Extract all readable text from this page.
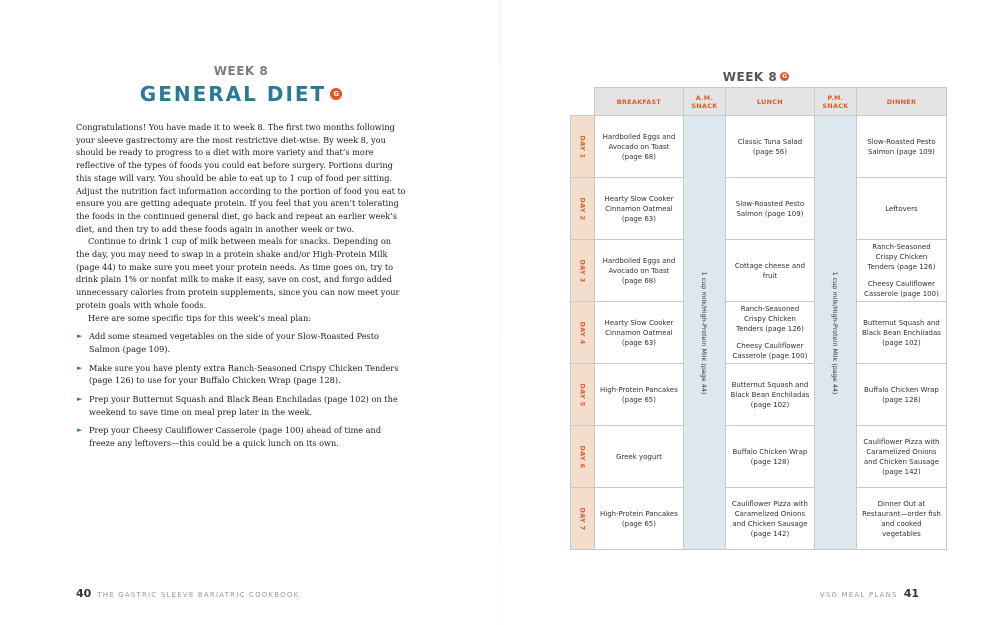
WEEK 8
GENERAL DIET G

Congratulations! You have made it to week 8. The first two months following your sleeve gastrectomy are the most restrictive diet-wise. By week 8, you should be ready to progress to a diet with more variety and that’s more reflective of the types of foods you could eat before surgery. Portions during this stage will vary. You should be able to eat up to 1 cup of food per sitting. Adjust the nutrition fact information according to the portion of food you eat to ensure you are getting adequate protein. If you feel that you aren’t tolerating the foods in the continued general diet, go back and repeat an earlier week’s diet, and then try to add these foods again in another week or two.

Continue to drink 1 cup of milk between meals for snacks. Depending on the day, you may need to swap in a protein shake and/or High-Protein Milk (page 44) to make sure you meet your protein needs. As time goes on, try to drink plain 1% or nonfat milk to make it easy, save on cost, and forgo added unnecessary calories from protein supplements, since you can now meet your protein goals with whole foods.

Here are some specific tips for this week’s meal plan:

► Add some steamed vegetables on the side of your Slow-Roasted Pesto Salmon (page 109).
► Make sure you have plenty extra Ranch-Seasoned Crispy Chicken Tenders (page 126) to use for your Buffalo Chicken Wrap (page 128).
► Prep your Butternut Squash and Black Bean Enchiladas (page 102) on the weekend to save time on meal prep later in the week.
► Prep your Cheesy Cauliflower Casserole (page 100) ahead of time and freeze any leftovers—this could be a quick lunch on its own.
40 THE GASTRIC SLEEVE BARIATRIC COOKBOOK
WEEK 8 G
	BREAKFAST	A.M. SNACK	LUNCH	P.M. SNACK	DINNER
DAY 1	Hardboiled Eggs and Avocado on Toast (page 68)	1 cup milk/High-Protein Milk (page 44)	Classic Tuna Salad (page 56)	1 cup milk/High-Protein Milk (page 44)	Slow-Roasted Pesto Salmon (page 109)
DAY 2	Hearty Slow Cooker Cinnamon Oatmeal (page 63)		Slow-Roasted Pesto Salmon (page 109)		Leftovers
DAY 3	Hardboiled Eggs and Avocado on Toast (page 68)		Cottage cheese and fruit		Ranch-Seasoned Crispy Chicken Tenders (page 126)
Cheesy Cauliflower Casserole (page 100)
DAY 4	Hearty Slow Cooker Cinnamon Oatmeal (page 63)		Ranch-Seasoned Crispy Chicken Tenders (page 126)
Cheesy Cauliflower Casserole (page 100)		Butternut Squash and Black Bean Enchiladas (page 102)
DAY 5	High-Protein Pancakes (page 65)		Butternut Squash and Black Bean Enchiladas (page 102)		Buffalo Chicken Wrap (page 128)
DAY 6	Greek yogurt		Buffalo Chicken Wrap (page 128)		Cauliflower Pizza with Caramelized Onions and Chicken Sausage (page 142)
DAY 7	High-Protein Pancakes (page 65)		Cauliflower Pizza with Caramelized Onions and Chicken Sausage (page 142)		Dinner Out at Restaurant—order fish and cooked vegetables
VSG MEAL PLANS 41
